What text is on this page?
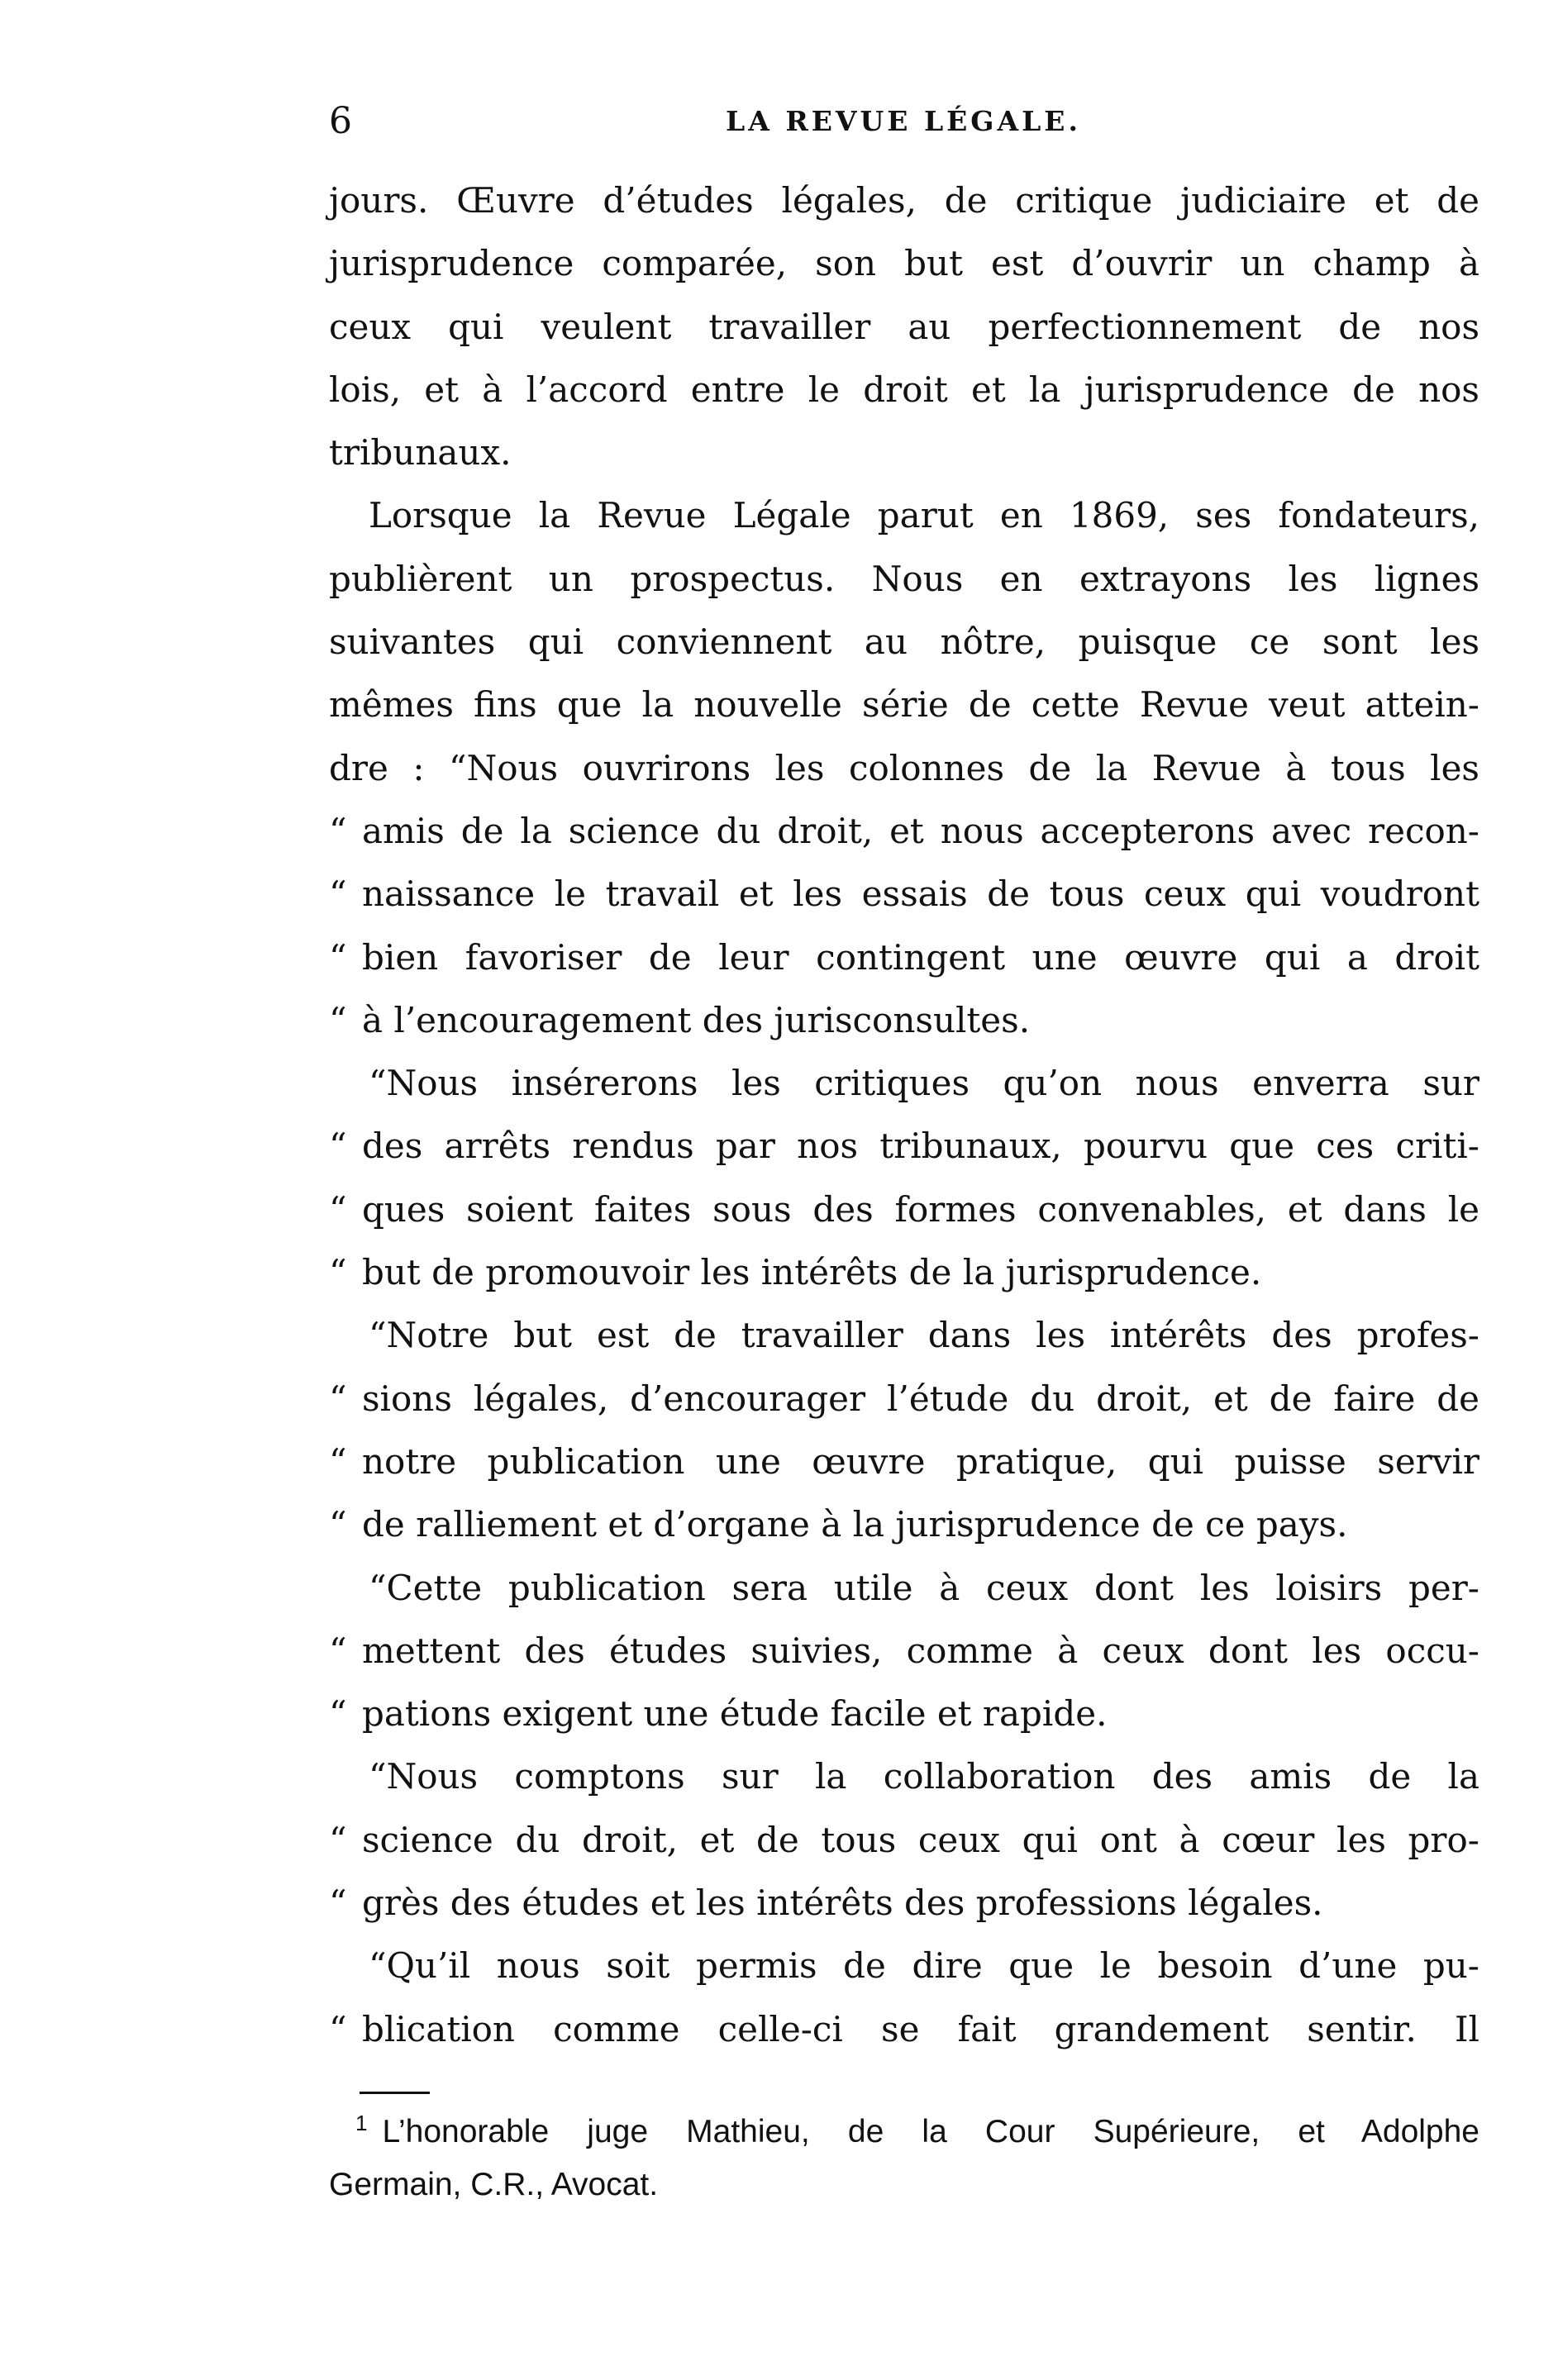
6	LA REVUE LÉGALE.
jours. Œuvre d’études légales, de critique judiciaire et de
jurisprudence comparée, son but est d’ouvrir un champ à
ceux qui veulent travailler au perfectionnement de nos
lois, et à l’accord entre le droit et la jurisprudence de nos
tribunaux.
Lorsque la Revue Légale parut en 1869, ses fondateurs,
publièrent un prospectus. Nous en extrayons les lignes
suivantes qui conviennent au nôtre, puisque ce sont les
mêmes fins que la nouvelle série de cette Revue veut attein-
dre : “Nous ouvrirons les colonnes de la Revue à tous les
“ amis de la science du droit, et nous accepterons avec recon-
“ naissance le travail et les essais de tous ceux qui voudront
“ bien favoriser de leur contingent une œuvre qui a droit
“ à l’encouragement des jurisconsultes.
“Nous insérerons les critiques qu’on nous enverra sur
“ des arrêts rendus par nos tribunaux, pourvu que ces criti-
“ ques soient faites sous des formes convenables, et dans le
“ but de promouvoir les intérêts de la jurisprudence.
“Notre but est de travailler dans les intérêts des profes-
“ sions légales, d’encourager l’étude du droit, et de faire de
“ notre publication une œuvre pratique, qui puisse servir
“ de ralliement et d’organe à la jurisprudence de ce pays.
“Cette publication sera utile à ceux dont les loisirs per-
“ mettent des études suivies, comme à ceux dont les occu-
“ pations exigent une étude facile et rapide.
“Nous comptons sur la collaboration des amis de la
“ science du droit, et de tous ceux qui ont à cœur les pro-
“ grès des études et les intérêts des professions légales.
“Qu’il nous soit permis de dire que le besoin d’une pu-
“ blication comme celle-ci se fait grandement sentir. Il
$^1$ L’honorable juge Mathieu, de la Cour Supérieure, et Adolphe
Germain, C.R., Avocat.
